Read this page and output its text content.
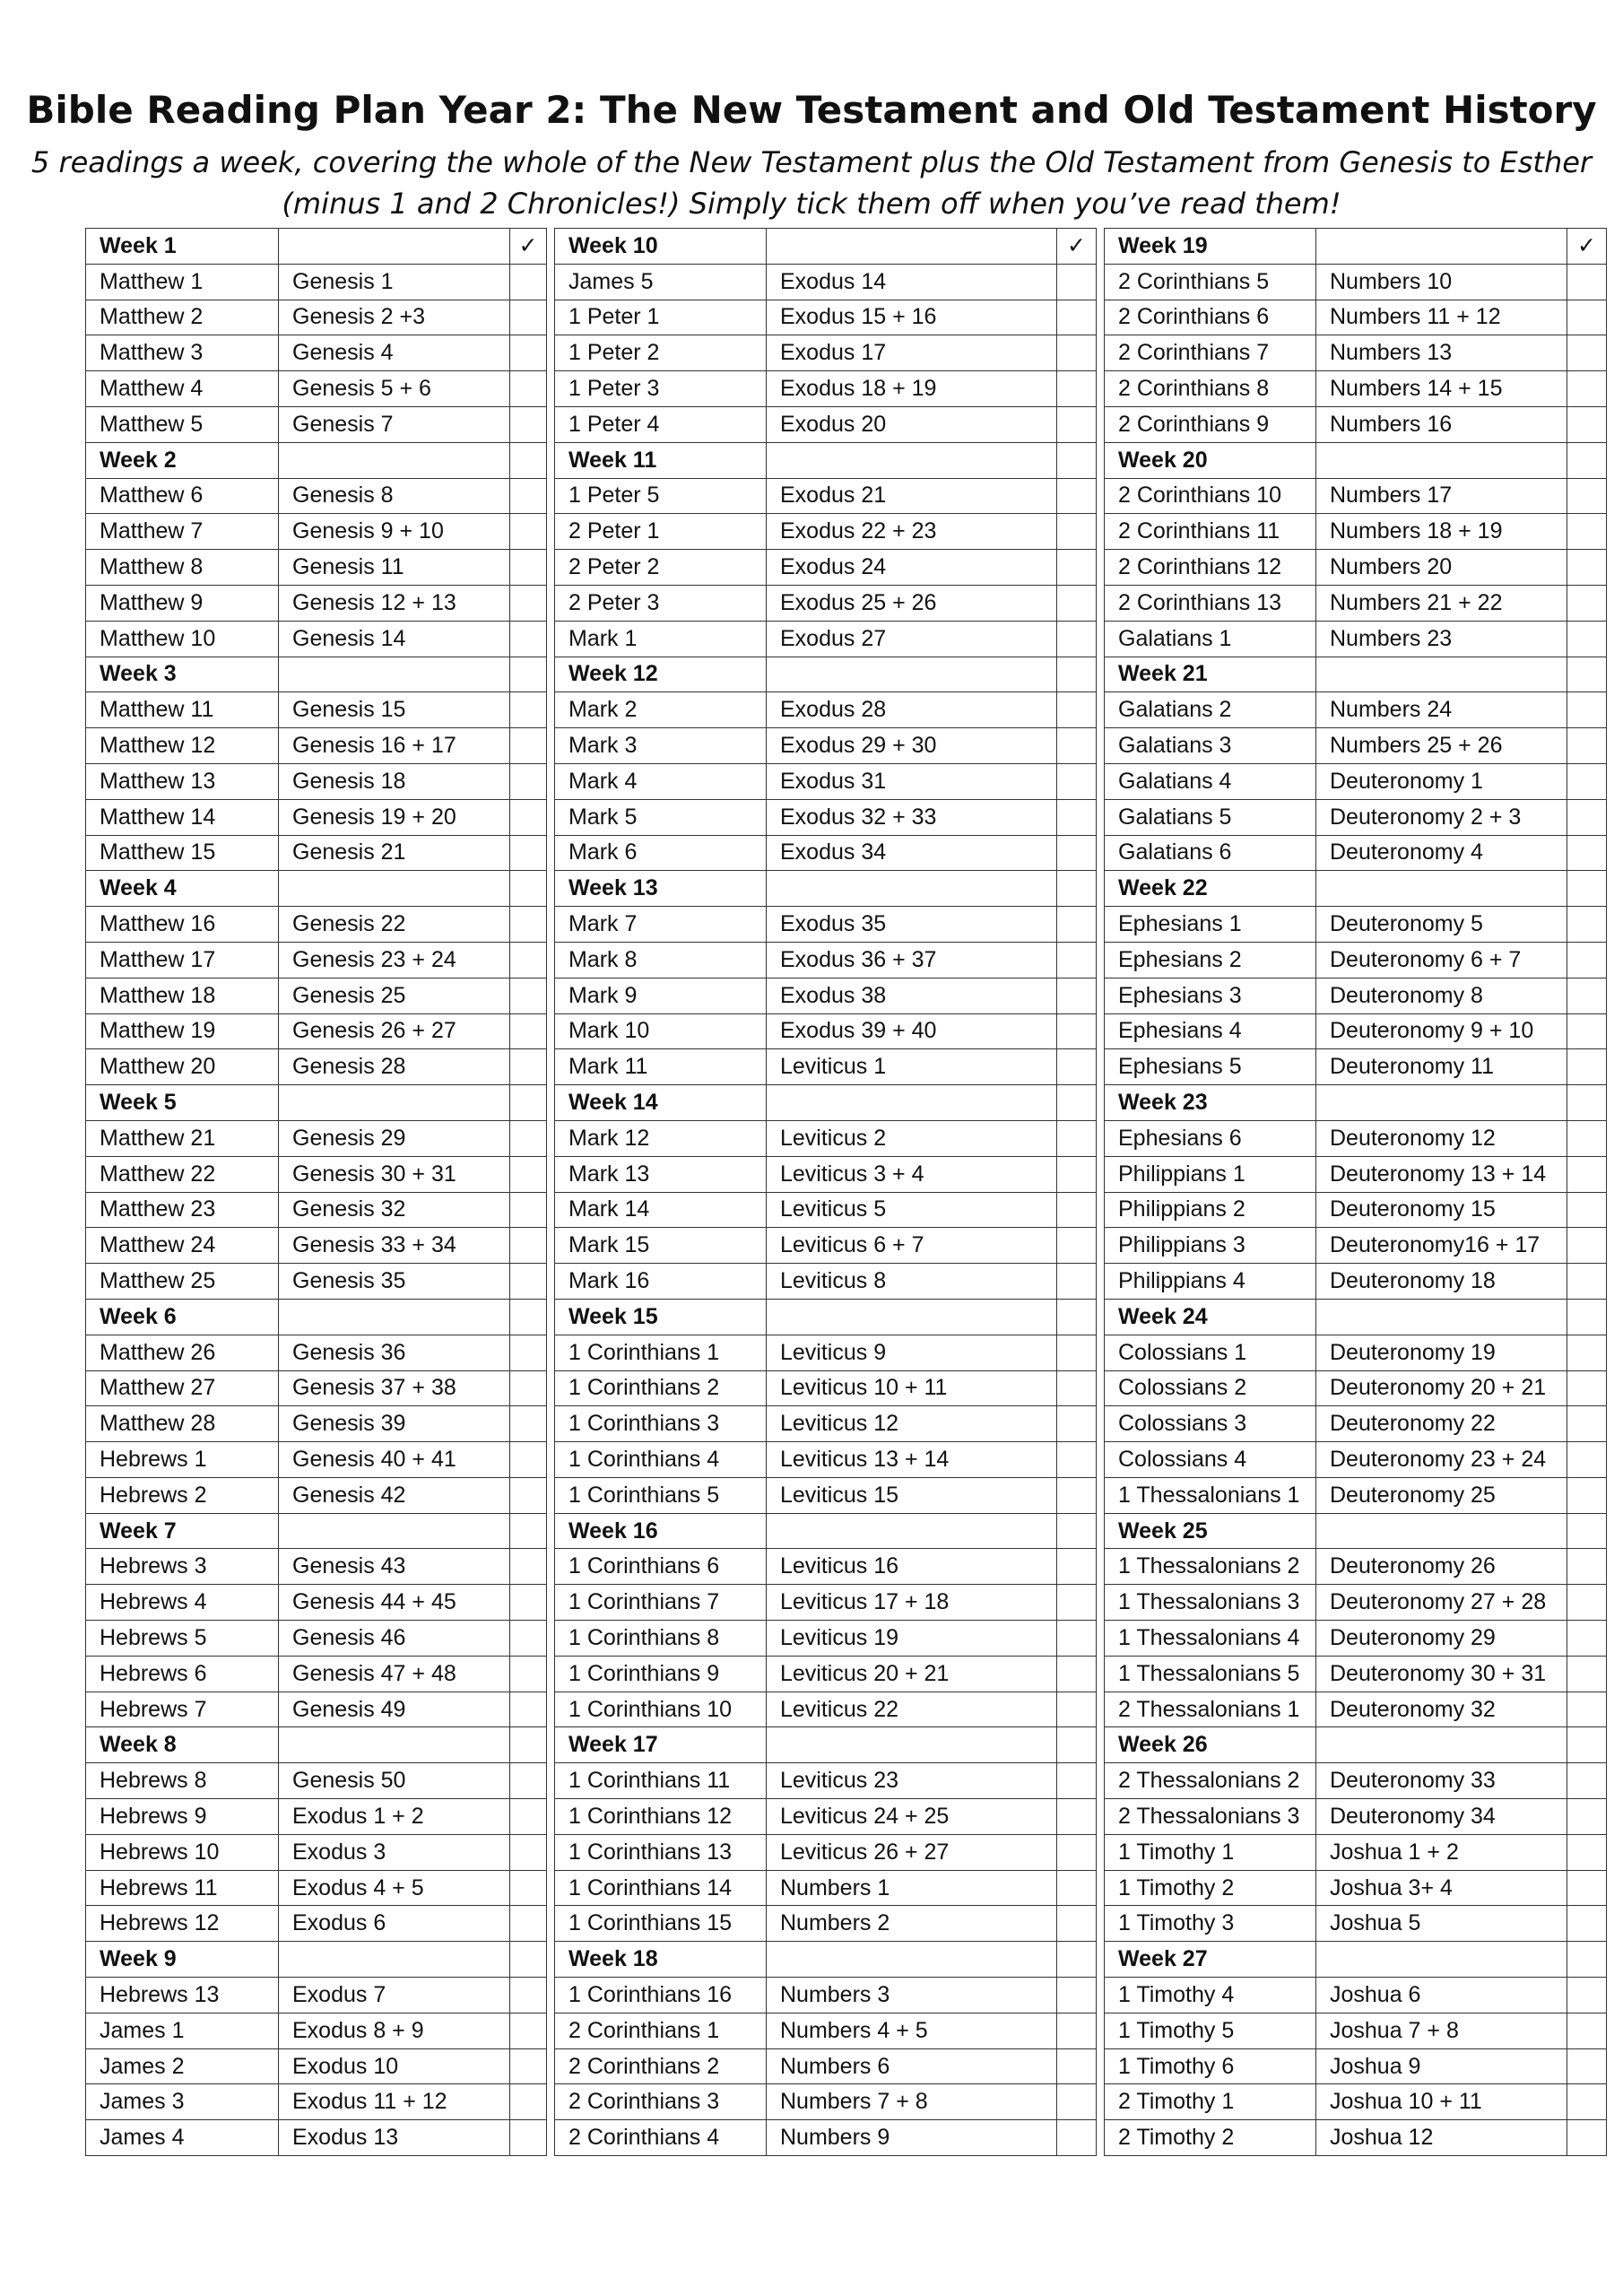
Bible Reading Plan Year 2: The New Testament and Old Testament History
5 readings a week, covering the whole of the New Testament plus the Old Testament from Genesis to Esther
(minus 1 and 2 Chronicles!) Simply tick them off when you’ve read them!
Week 1		✓		Week 10		✓		Week 19		✓
Matthew 1	Genesis 1			James 5	Exodus 14			2 Corinthians 5	Numbers 10	
Matthew 2	Genesis 2 +3			1 Peter 1	Exodus 15 + 16			2 Corinthians 6	Numbers 11 + 12	
Matthew 3	Genesis 4			1 Peter 2	Exodus 17			2 Corinthians 7	Numbers 13	
Matthew 4	Genesis 5 + 6			1 Peter 3	Exodus 18 + 19			2 Corinthians 8	Numbers 14 + 15	
Matthew 5	Genesis 7			1 Peter 4	Exodus 20			2 Corinthians 9	Numbers 16	
Week 2				Week 11				Week 20		
Matthew 6	Genesis 8			1 Peter 5	Exodus 21			2 Corinthians 10	Numbers 17	
Matthew 7	Genesis 9 + 10			2 Peter 1	Exodus 22 + 23			2 Corinthians 11	Numbers 18 + 19	
Matthew 8	Genesis 11			2 Peter 2	Exodus 24			2 Corinthians 12	Numbers 20	
Matthew 9	Genesis 12 + 13			2 Peter 3	Exodus 25 + 26			2 Corinthians 13	Numbers 21 + 22	
Matthew 10	Genesis 14			Mark 1	Exodus 27			Galatians 1	Numbers 23	
Week 3				Week 12				Week 21		
Matthew 11	Genesis 15			Mark 2	Exodus 28			Galatians 2	Numbers 24	
Matthew 12	Genesis 16 + 17			Mark 3	Exodus 29 + 30			Galatians 3	Numbers 25 + 26	
Matthew 13	Genesis 18			Mark 4	Exodus 31			Galatians 4	Deuteronomy 1	
Matthew 14	Genesis 19 + 20			Mark 5	Exodus 32 + 33			Galatians 5	Deuteronomy 2 + 3	
Matthew 15	Genesis 21			Mark 6	Exodus 34			Galatians 6	Deuteronomy 4	
Week 4				Week 13				Week 22		
Matthew 16	Genesis 22			Mark 7	Exodus 35			Ephesians 1	Deuteronomy 5	
Matthew 17	Genesis 23 + 24			Mark 8	Exodus 36 + 37			Ephesians 2	Deuteronomy 6 + 7	
Matthew 18	Genesis 25			Mark 9	Exodus 38			Ephesians 3	Deuteronomy 8	
Matthew 19	Genesis 26 + 27			Mark 10	Exodus 39 + 40			Ephesians 4	Deuteronomy 9 + 10	
Matthew 20	Genesis 28			Mark 11	Leviticus 1			Ephesians 5	Deuteronomy 11	
Week 5				Week 14				Week 23		
Matthew 21	Genesis 29			Mark 12	Leviticus 2			Ephesians 6	Deuteronomy 12	
Matthew 22	Genesis 30 + 31			Mark 13	Leviticus 3 + 4			Philippians 1	Deuteronomy 13 + 14	
Matthew 23	Genesis 32			Mark 14	Leviticus 5			Philippians 2	Deuteronomy 15	
Matthew 24	Genesis 33 + 34			Mark 15	Leviticus 6 + 7			Philippians 3	Deuteronomy16 + 17	
Matthew 25	Genesis 35			Mark 16	Leviticus 8			Philippians 4	Deuteronomy 18	
Week 6				Week 15				Week 24		
Matthew 26	Genesis 36			1 Corinthians 1	Leviticus 9			Colossians 1	Deuteronomy 19	
Matthew 27	Genesis 37 + 38			1 Corinthians 2	Leviticus 10 + 11			Colossians 2	Deuteronomy 20 + 21	
Matthew 28	Genesis 39			1 Corinthians 3	Leviticus 12			Colossians 3	Deuteronomy 22	
Hebrews 1	Genesis 40 + 41			1 Corinthians 4	Leviticus 13 + 14			Colossians 4	Deuteronomy 23 + 24	
Hebrews 2	Genesis 42			1 Corinthians 5	Leviticus 15			1 Thessalonians 1	Deuteronomy 25	
Week 7				Week 16				Week 25		
Hebrews 3	Genesis 43			1 Corinthians 6	Leviticus 16			1 Thessalonians 2	Deuteronomy 26	
Hebrews 4	Genesis 44 + 45			1 Corinthians 7	Leviticus 17 + 18			1 Thessalonians 3	Deuteronomy 27 + 28	
Hebrews 5	Genesis 46			1 Corinthians 8	Leviticus 19			1 Thessalonians 4	Deuteronomy 29	
Hebrews 6	Genesis 47 + 48			1 Corinthians 9	Leviticus 20 + 21			1 Thessalonians 5	Deuteronomy 30 + 31	
Hebrews 7	Genesis 49			1 Corinthians 10	Leviticus 22			2 Thessalonians 1	Deuteronomy 32	
Week 8				Week 17				Week 26		
Hebrews 8	Genesis 50			1 Corinthians 11	Leviticus 23			2 Thessalonians 2	Deuteronomy 33	
Hebrews 9	Exodus 1 + 2			1 Corinthians 12	Leviticus 24 + 25			2 Thessalonians 3	Deuteronomy 34	
Hebrews 10	Exodus 3			1 Corinthians 13	Leviticus 26 + 27			1 Timothy 1	Joshua 1 + 2	
Hebrews 11	Exodus 4 + 5			1 Corinthians 14	Numbers 1			1 Timothy 2	Joshua 3+ 4	
Hebrews 12	Exodus 6			1 Corinthians 15	Numbers 2			1 Timothy 3	Joshua 5	
Week 9				Week 18				Week 27		
Hebrews 13	Exodus 7			1 Corinthians 16	Numbers 3			1 Timothy 4	Joshua 6	
James 1	Exodus 8 + 9			2 Corinthians 1	Numbers 4 + 5			1 Timothy 5	Joshua 7 + 8	
James 2	Exodus 10			2 Corinthians 2	Numbers 6			1 Timothy 6	Joshua 9	
James 3	Exodus 11 + 12			2 Corinthians 3	Numbers 7 + 8			2 Timothy 1	Joshua 10 + 11	
James 4	Exodus 13			2 Corinthians 4	Numbers 9			2 Timothy 2	Joshua 12	
